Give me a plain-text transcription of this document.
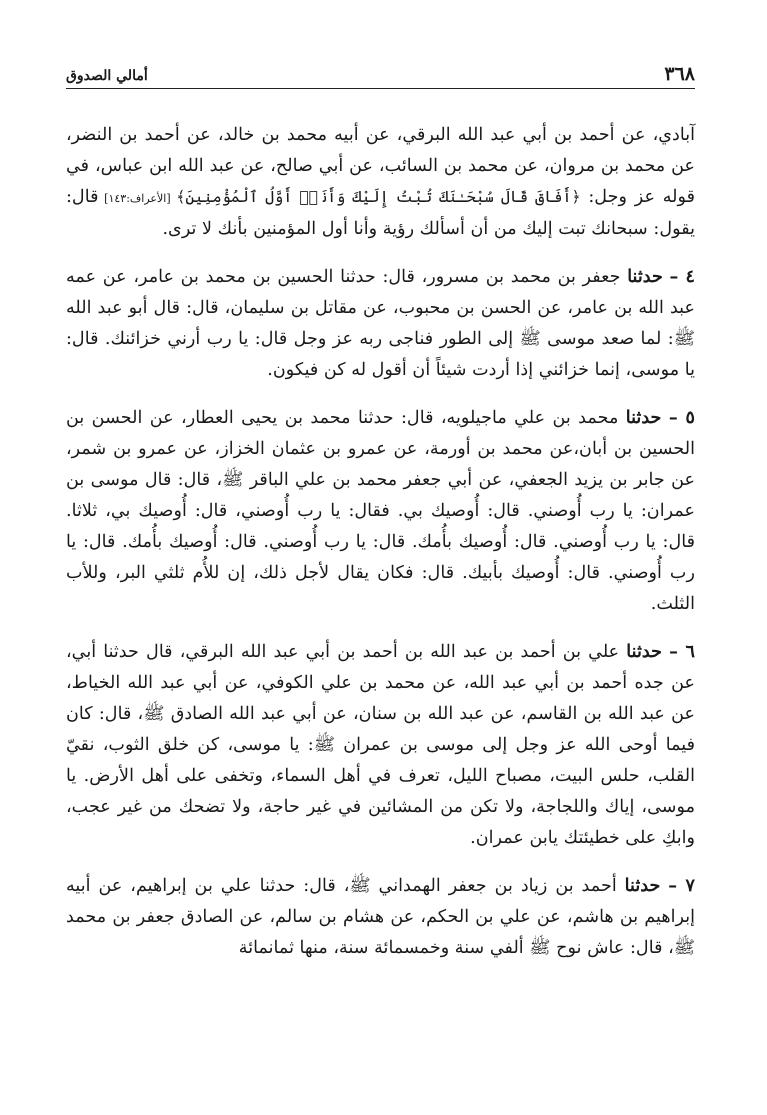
٣٦٨
أمالي الصدوق

آبادي، عن أحمد بن أبي عبد الله البرقي، عن أبيه محمد بن خالد، عن أحمد بن النضر، عن محمد بن مروان، عن محمد بن السائب، عن أبي صالح، عن عبد الله ابن عباس، في قوله عز وجل: ﴿أَفَاقَ قَالَ سُبْحَـٰنَكَ تُبْتُ إِلَيْكَ وَأَنَا۠ أَوَّلُ ٱلْمُؤْمِنِينَ﴾ [الأعراف:١٤٣] قال: يقول: سبحانك تبت إليك من أن أسألك رؤية وأنا أول المؤمنين بأنك لا ترى.

٤ – حدثنا جعفر بن محمد بن مسرور، قال: حدثنا الحسين بن محمد بن عامر، عن عمه عبد الله بن عامر، عن الحسن بن محبوب، عن مقاتل بن سليمان، قال: قال أبو عبد الله ﷺ: لما صعد موسى ﷺ إلى الطور فناجى ربه عز وجل قال: يا رب أرني خزائنك. قال: يا موسى، إنما خزائني إذا أردت شيئاً أن أقول له كن فيكون.

٥ – حدثنا محمد بن علي ماجيلويه، قال: حدثنا محمد بن يحيى العطار، عن الحسن بن الحسين بن أبان،عن محمد بن أورمة، عن عمرو بن عثمان الخزاز، عن عمرو بن شمر، عن جابر بن يزيد الجعفي، عن أبي جعفر محمد بن علي الباقر ﷺ، قال: قال موسى بن عمران: يا رب أُوصني. قال: أُوصيك بي. فقال: يا رب أُوصني، قال: أُوصيك بي، ثلاثا. قال: يا رب أُوصني. قال: أُوصيك بأُمك. قال: يا رب أُوصني. قال: أُوصيك بأُمك. قال: يا رب أُوصني. قال: أُوصيك بأبيك. قال: فكان يقال لأجل ذلك، إن للأُم ثلثي البر، وللأب الثلث.

٦ – حدثنا علي بن أحمد بن عبد الله بن أحمد بن أبي عبد الله البرقي، قال حدثنا أبي، عن جده أحمد بن أبي عبد الله، عن محمد بن علي الكوفي، عن أبي عبد الله الخياط، عن عبد الله بن القاسم، عن عبد الله بن سنان، عن أبي عبد الله الصادق ﷺ، قال: كان فيما أوحى الله عز وجل إلى موسى بن عمران ﷺ: يا موسى، كن خلق الثوب، نقيّ القلب، حلس البيت، مصباح الليل، تعرف في أهل السماء، وتخفى على أهل الأرض. يا موسى، إياك واللجاجة، ولا تكن من المشائين في غير حاجة، ولا تضحك من غير عجب، وابكِ على خطيئتك يابن عمران.

٧ – حدثنا أحمد بن زياد بن جعفر الهمداني ﷺ، قال: حدثنا علي بن إبراهيم، عن أبيه إبراهيم بن هاشم، عن علي بن الحكم، عن هشام بن سالم، عن الصادق جعفر بن محمد ﷺ، قال: عاش نوح ﷺ ألفي سنة وخمسمائة سنة، منها ثمانمائة
